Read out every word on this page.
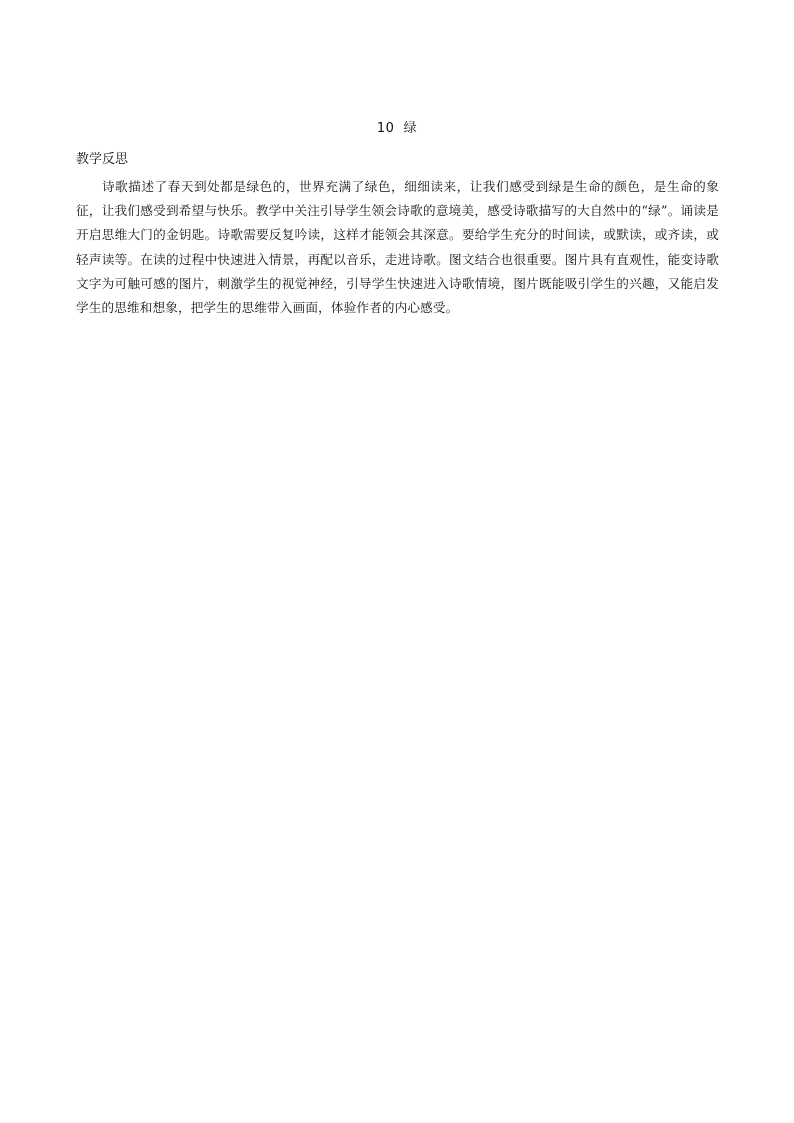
10  绿
教学反思

诗歌描述了春天到处都是绿色的，世界充满了绿色，细细读来，让我们感受到绿是生命的颜色，是生命的象征，让我们感受到希望与快乐。教学中关注引导学生领会诗歌的意境美，感受诗歌描写的大自然中的“绿”。诵读是开启思维大门的金钥匙。诗歌需要反复吟读，这样才能领会其深意。要给学生充分的时间读，或默读，或齐读，或轻声读等。在读的过程中快速进入情景，再配以音乐，走进诗歌。图文结合也很重要。图片具有直观性，能变诗歌文字为可触可感的图片，刺激学生的视觉神经，引导学生快速进入诗歌情境，图片既能吸引学生的兴趣，又能启发学生的思维和想象，把学生的思维带入画面，体验作者的内心感受。
